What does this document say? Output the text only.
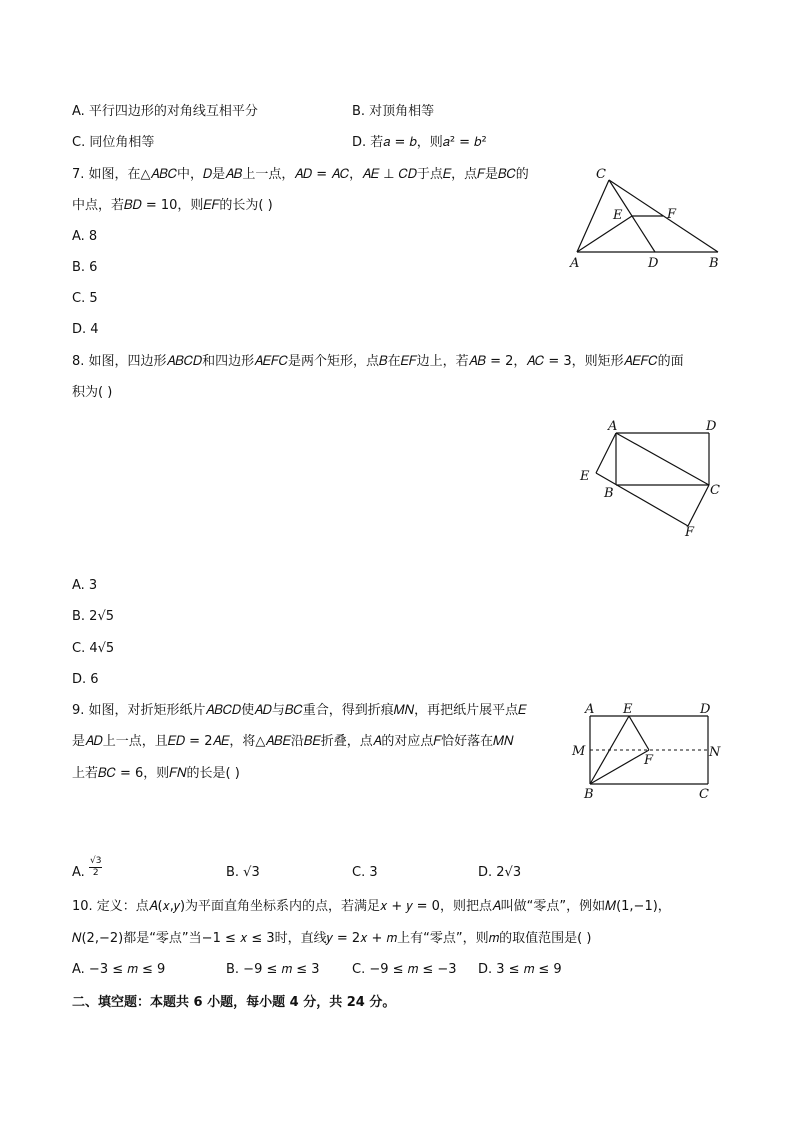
A. 平行四边形的对角线互相平分	B. 对顶角相等
C. 同位角相等	D. 若𝑎 = 𝑏，则𝑎² = 𝑏²
7. 如图，在△𝐴𝐵𝐶中，𝐷是𝐴𝐵上一点，𝐴𝐷 = 𝐴𝐶，𝐴𝐸 ⊥ 𝐶𝐷于点𝐸，点𝐹是𝐵𝐶的
中点，若𝐵𝐷 = 10，则𝐸𝐹的长为( )
A. 8
B. 6
C. 5
D. 4
C
E	F
A	D	B
8. 如图，四边形𝐴𝐵𝐶𝐷和四边形𝐴𝐸𝐹𝐶是两个矩形，点𝐵在𝐸𝐹边上，若𝐴𝐵 = 2，𝐴𝐶 = 3，则矩形𝐴𝐸𝐹𝐶的面
积为( )
A	D
E
B	C
F
A. 3
B. 2√5
C. 4√5
D. 6
9. 如图，对折矩形纸片𝐴𝐵𝐶𝐷使𝐴𝐷与𝐵𝐶重合，得到折痕𝑀𝑁，再把纸片展平点𝐸
是𝐴𝐷上一点，且𝐸𝐷 = 2𝐴𝐸，将△𝐴𝐵𝐸沿𝐵𝐸折叠，点𝐴的对应点𝐹恰好落在𝑀𝑁
上若𝐵𝐶 = 6，则𝐹𝑁的长是( )
A E	D
M	N
F
B	C
A. $\frac{√3}{2}$	B. √3	C. 3	D. 2√3
10. 定义：点𝐴(𝑥,𝑦)为平面直角坐标系内的点，若满足𝑥 + 𝑦 = 0，则把点𝐴叫做“零点”，例如𝑀(1,−1)，
𝑁(2,−2)都是“零点”当−1 ≤ 𝑥 ≤ 3时，直线𝑦 = 2𝑥 + 𝑚上有“零点”，则𝑚的取值范围是( )
A. −3 ≤ 𝑚 ≤ 9	B. −9 ≤ 𝑚 ≤ 3	C. −9 ≤ 𝑚 ≤ −3 D. 3 ≤ 𝑚 ≤ 9
二、填空题：本题共 6 小题，每小题 4 分，共 24 分。
